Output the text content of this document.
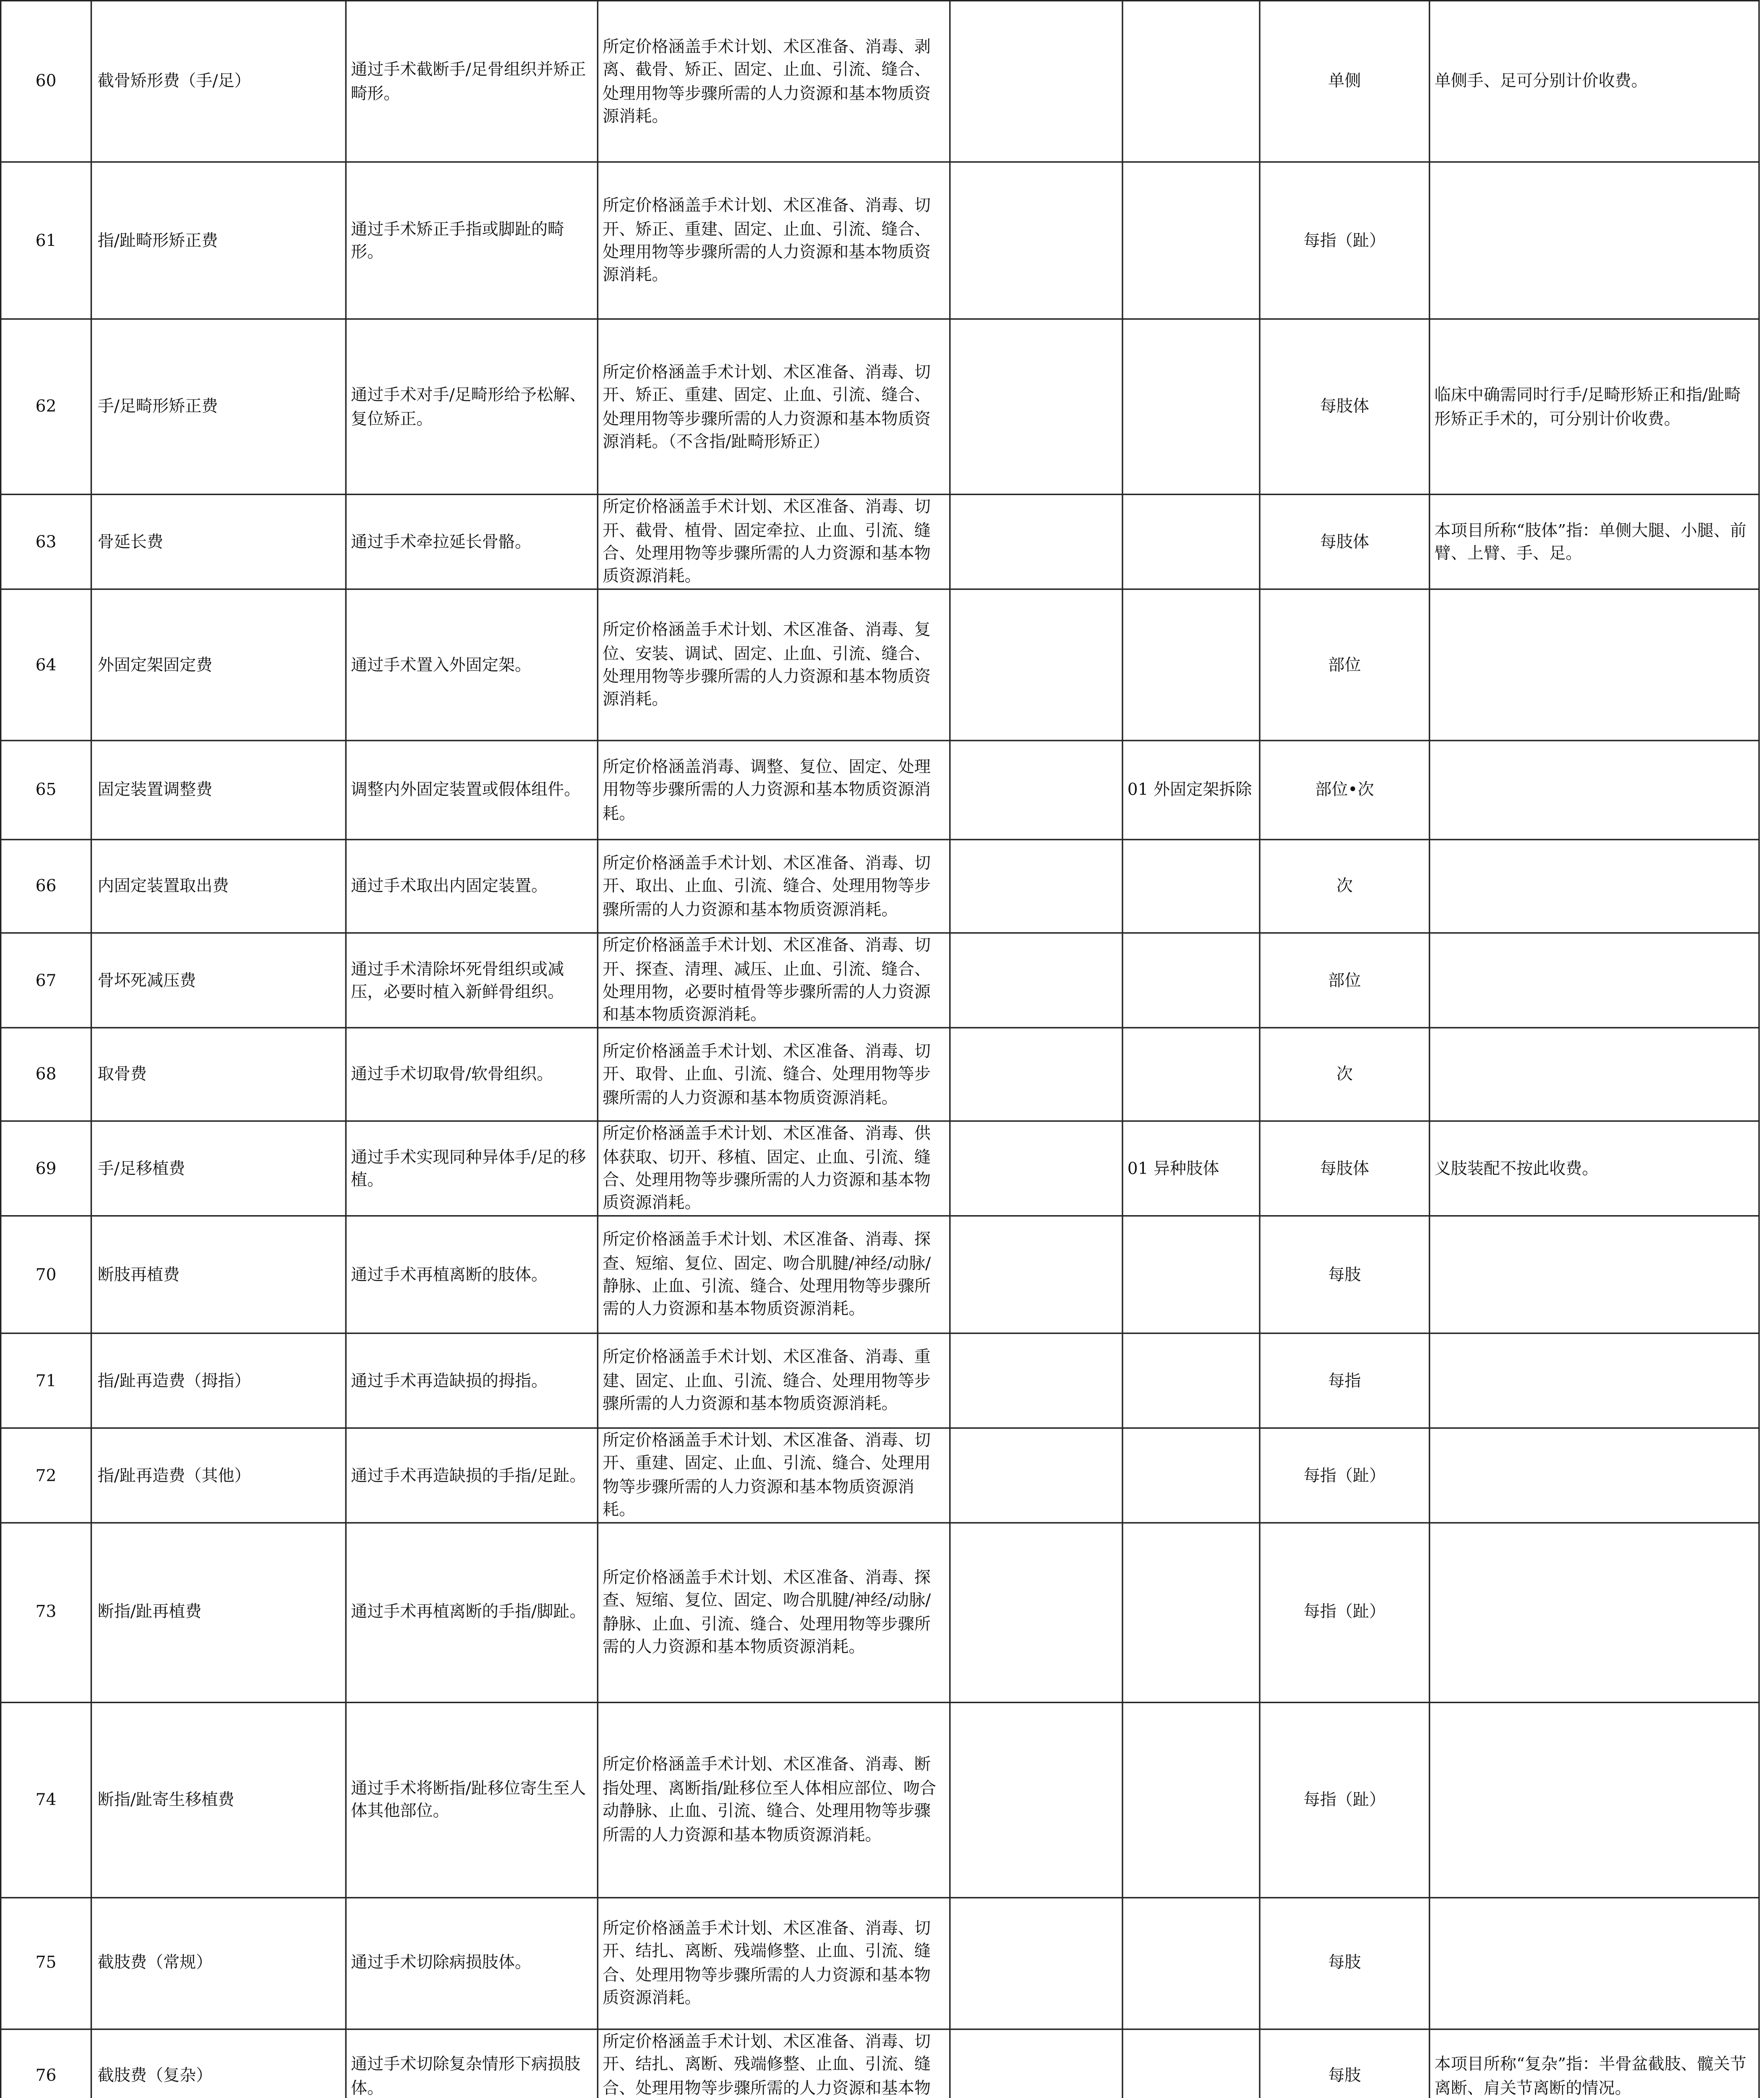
60	截骨矫形费（手/足）	通过手术截断手/足骨组织并矫正畸形。	所定价格涵盖手术计划、术区准备、消毒、剥离、截骨、矫正、固定、止血、引流、缝合、处理用物等步骤所需的人力资源和基本物质资源消耗。			单侧	单侧手、足可分别计价收费。
61	指/趾畸形矫正费	通过手术矫正手指或脚趾的畸形。	所定价格涵盖手术计划、术区准备、消毒、切开、矫正、重建、固定、止血、引流、缝合、处理用物等步骤所需的人力资源和基本物质资源消耗。			每指（趾）	
62	手/足畸形矫正费	通过手术对手/足畸形给予松解、复位矫正。	所定价格涵盖手术计划、术区准备、消毒、切开、矫正、重建、固定、止血、引流、缝合、处理用物等步骤所需的人力资源和基本物质资源消耗。（不含指/趾畸形矫正）			每肢体	临床中确需同时行手/足畸形矫正和指/趾畸形矫正手术的，可分别计价收费。
63	骨延长费	通过手术牵拉延长骨骼。	所定价格涵盖手术计划、术区准备、消毒、切开、截骨、植骨、固定牵拉、止血、引流、缝合、处理用物等步骤所需的人力资源和基本物质资源消耗。			每肢体	本项目所称“肢体”指：单侧大腿、小腿、前臂、上臂、手、足。
64	外固定架固定费	通过手术置入外固定架。	所定价格涵盖手术计划、术区准备、消毒、复位、安装、调试、固定、止血、引流、缝合、处理用物等步骤所需的人力资源和基本物质资源消耗。			部位	
65	固定装置调整费	调整内外固定装置或假体组件。	所定价格涵盖消毒、调整、复位、固定、处理用物等步骤所需的人力资源和基本物质资源消耗。		01 外固定架拆除	部位•次	
66	内固定装置取出费	通过手术取出内固定装置。	所定价格涵盖手术计划、术区准备、消毒、切开、取出、止血、引流、缝合、处理用物等步骤所需的人力资源和基本物质资源消耗。			次	
67	骨坏死减压费	通过手术清除坏死骨组织或减压，必要时植入新鲜骨组织。	所定价格涵盖手术计划、术区准备、消毒、切开、探查、清理、减压、止血、引流、缝合、处理用物，必要时植骨等步骤所需的人力资源和基本物质资源消耗。			部位	
68	取骨费	通过手术切取骨/软骨组织。	所定价格涵盖手术计划、术区准备、消毒、切开、取骨、止血、引流、缝合、处理用物等步骤所需的人力资源和基本物质资源消耗。			次	
69	手/足移植费	通过手术实现同种异体手/足的移植。	所定价格涵盖手术计划、术区准备、消毒、供体获取、切开、移植、固定、止血、引流、缝合、处理用物等步骤所需的人力资源和基本物质资源消耗。		01 异种肢体	每肢体	义肢装配不按此收费。
70	断肢再植费	通过手术再植离断的肢体。	所定价格涵盖手术计划、术区准备、消毒、探查、短缩、复位、固定、吻合肌腱/神经/动脉/静脉、止血、引流、缝合、处理用物等步骤所需的人力资源和基本物质资源消耗。			每肢	
71	指/趾再造费（拇指）	通过手术再造缺损的拇指。	所定价格涵盖手术计划、术区准备、消毒、重建、固定、止血、引流、缝合、处理用物等步骤所需的人力资源和基本物质资源消耗。			每指	
72	指/趾再造费（其他）	通过手术再造缺损的手指/足趾。	所定价格涵盖手术计划、术区准备、消毒、切开、重建、固定、止血、引流、缝合、处理用物等步骤所需的人力资源和基本物质资源消耗。			每指（趾）	
73	断指/趾再植费	通过手术再植离断的手指/脚趾。	所定价格涵盖手术计划、术区准备、消毒、探查、短缩、复位、固定、吻合肌腱/神经/动脉/静脉、止血、引流、缝合、处理用物等步骤所需的人力资源和基本物质资源消耗。			每指（趾）	
74	断指/趾寄生移植费	通过手术将断指/趾移位寄生至人体其他部位。	所定价格涵盖手术计划、术区准备、消毒、断指处理、离断指/趾移位至人体相应部位、吻合动静脉、止血、引流、缝合、处理用物等步骤所需的人力资源和基本物质资源消耗。			每指（趾）	
75	截肢费（常规）	通过手术切除病损肢体。	所定价格涵盖手术计划、术区准备、消毒、切开、结扎、离断、残端修整、止血、引流、缝合、处理用物等步骤所需的人力资源和基本物质资源消耗。			每肢	
76	截肢费（复杂）	通过手术切除复杂情形下病损肢体。	所定价格涵盖手术计划、术区准备、消毒、切开、结扎、离断、残端修整、止血、引流、缝合、处理用物等步骤所需的人力资源和基本物			每肢	本项目所称“复杂”指：半骨盆截肢、髋关节离断、肩关节离断的情况。
